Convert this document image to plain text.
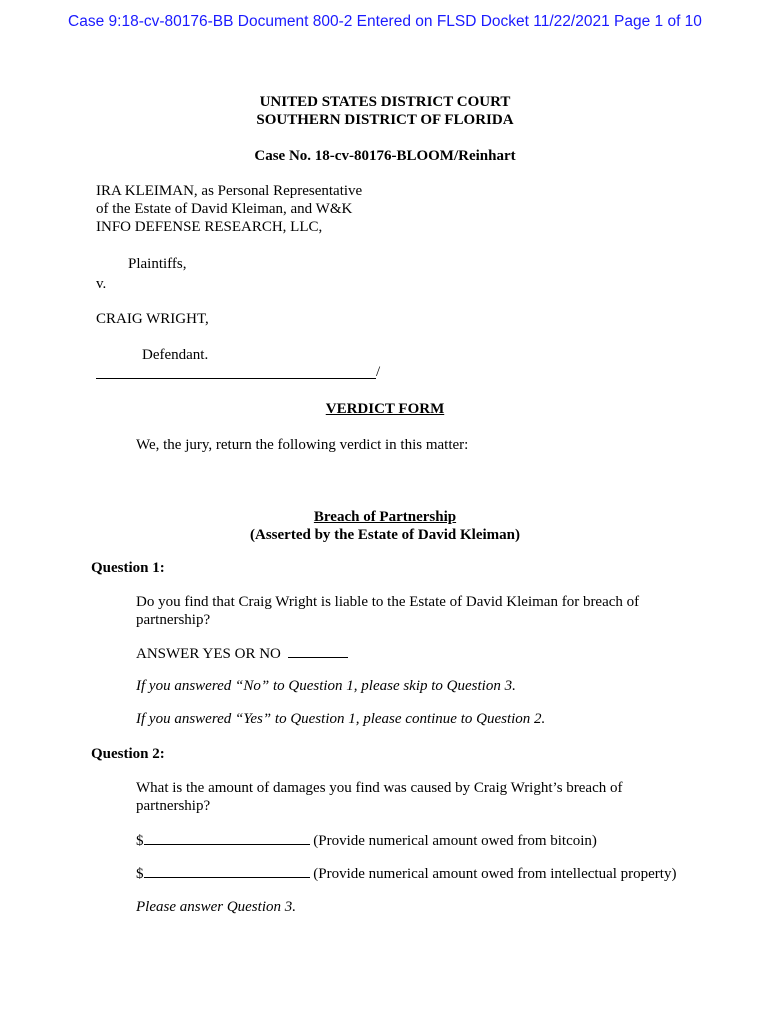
Case 9:18-cv-80176-BB Document 800-2 Entered on FLSD Docket 11/22/2021 Page 1 of 10
UNITED STATES DISTRICT COURT
SOUTHERN DISTRICT OF FLORIDA
Case No. 18-cv-80176-BLOOM/Reinhart
IRA KLEIMAN, as Personal Representative
of the Estate of David Kleiman, and W&K
INFO DEFENSE RESEARCH, LLC,
Plaintiffs,
v.
CRAIG WRIGHT,
Defendant.
/
VERDICT FORM
We, the jury, return the following verdict in this matter:
Breach of Partnership
(Asserted by the Estate of David Kleiman)
Question 1:
Do you find that Craig Wright is liable to the Estate of David Kleiman for breach of
partnership?
ANSWER YES OR NO
If you answered “No” to Question 1, please skip to Question 3.
If you answered “Yes” to Question 1, please continue to Question 2.
Question 2:
What is the amount of damages you find was caused by Craig Wright’s breach of
partnership?
$	(Provide numerical amount owed from bitcoin)
$	(Provide numerical amount owed from intellectual property)
Please answer Question 3.
